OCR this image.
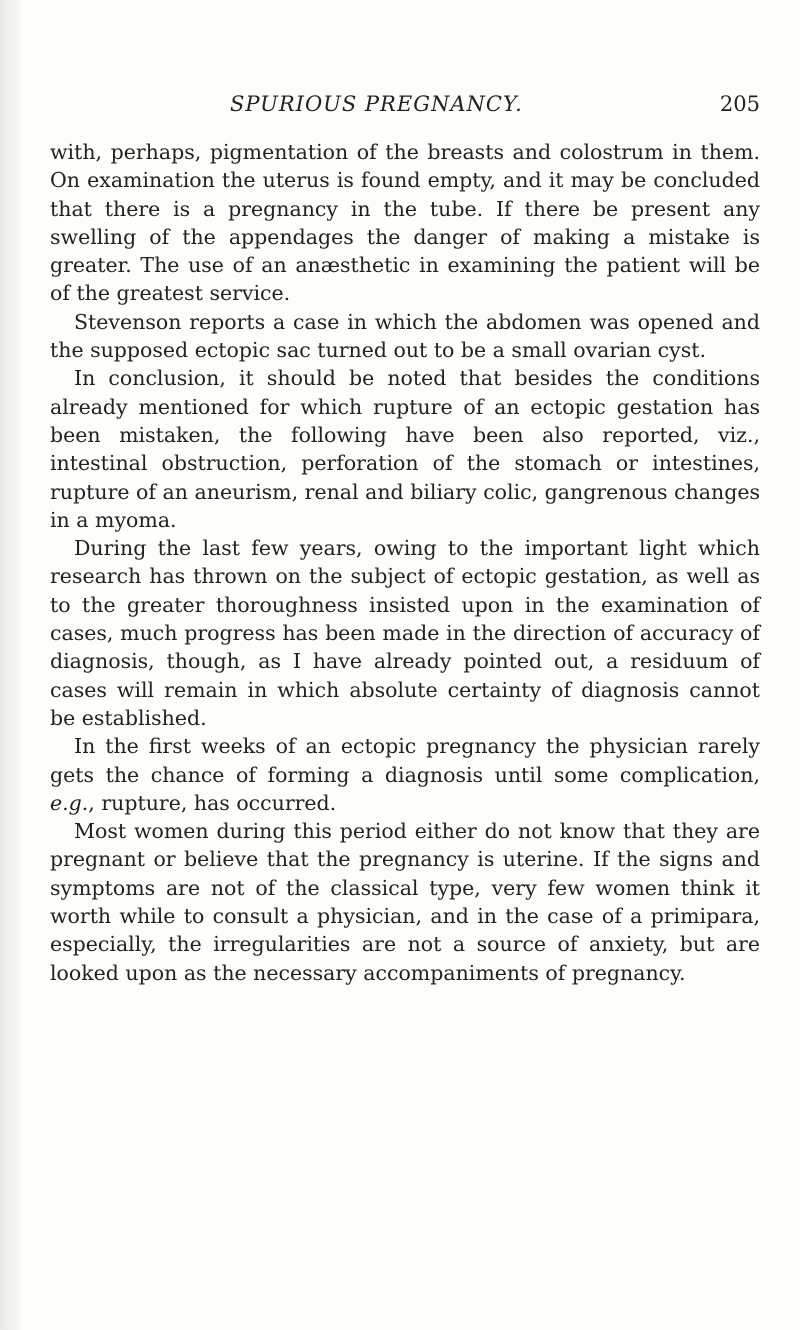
SPURIOUS PREGNANCY.	205

with, perhaps, pigmentation of the breasts and colostrum in them. On examination the uterus is found empty, and it may be concluded that there is a pregnancy in the tube. If there be present any swelling of the appendages the danger of making a mistake is greater. The use of an anæsthetic in examining the patient will be of the greatest service.

Stevenson reports a case in which the abdomen was opened and the supposed ectopic sac turned out to be a small ovarian cyst.

In conclusion, it should be noted that besides the conditions already mentioned for which rupture of an ectopic gestation has been mistaken, the following have been also reported, viz., intestinal obstruction, perforation of the stomach or intestines, rupture of an aneurism, renal and biliary colic, gangrenous changes in a myoma.

During the last few years, owing to the important light which research has thrown on the subject of ectopic gestation, as well as to the greater thoroughness insisted upon in the examination of cases, much progress has been made in the direction of accuracy of diagnosis, though, as I have already pointed out, a residuum of cases will remain in which absolute certainty of diagnosis cannot be established.

In the first weeks of an ectopic pregnancy the physician rarely gets the chance of forming a diagnosis until some complication, e.g., rupture, has occurred.

Most women during this period either do not know that they are pregnant or believe that the pregnancy is uterine. If the signs and symptoms are not of the classical type, very few women think it worth while to consult a physician, and in the case of a primipara, especially, the irregularities are not a source of anxiety, but are looked upon as the necessary accompaniments of pregnancy.
